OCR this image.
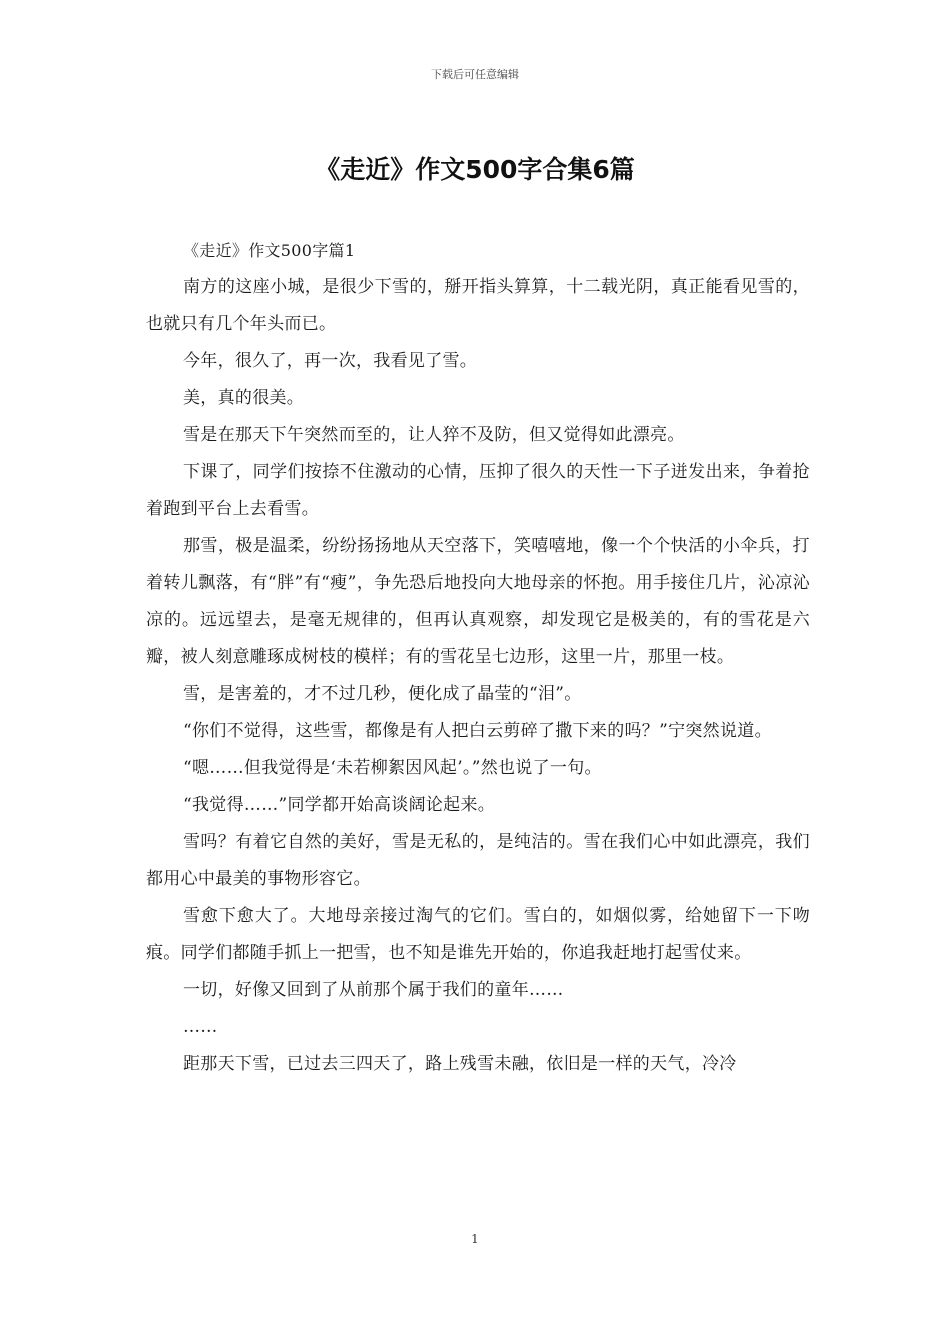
下载后可任意编辑
《走近》作文500字合集6篇

《走近》作文500字篇1

南方的这座小城，是很少下雪的，掰开指头算算，十二载光阴，真正能看见雪的，也就只有几个年头而已。

今年，很久了，再一次，我看见了雪。

美，真的很美。

雪是在那天下午突然而至的，让人猝不及防，但又觉得如此漂亮。

下课了，同学们按捺不住激动的心情，压抑了很久的天性一下子迸发出来，争着抢着跑到平台上去看雪。

那雪，极是温柔，纷纷扬扬地从天空落下，笑嘻嘻地，像一个个快活的小伞兵，打着转儿飘落，有“胖”有“瘦”，争先恐后地投向大地母亲的怀抱。用手接住几片，沁凉沁凉的。远远望去，是毫无规律的，但再认真观察，却发现它是极美的，有的雪花是六瓣，被人刻意雕琢成树枝的模样；有的雪花呈七边形，这里一片，那里一枝。

雪，是害羞的，才不过几秒，便化成了晶莹的“泪”。

“你们不觉得，这些雪，都像是有人把白云剪碎了撒下来的吗？”宁突然说道。

“嗯……但我觉得是‘未若柳絮因风起’。”然也说了一句。

“我觉得……”同学都开始高谈阔论起来。

雪吗？有着它自然的美好，雪是无私的，是纯洁的。雪在我们心中如此漂亮，我们都用心中最美的事物形容它。

雪愈下愈大了。大地母亲接过淘气的它们。雪白的，如烟似雾，给她留下一下吻痕。同学们都随手抓上一把雪，也不知是谁先开始的，你追我赶地打起雪仗来。

一切，好像又回到了从前那个属于我们的童年……

……

距那天下雪，已过去三四天了，路上残雪未融，依旧是一样的天气，冷冷

1
